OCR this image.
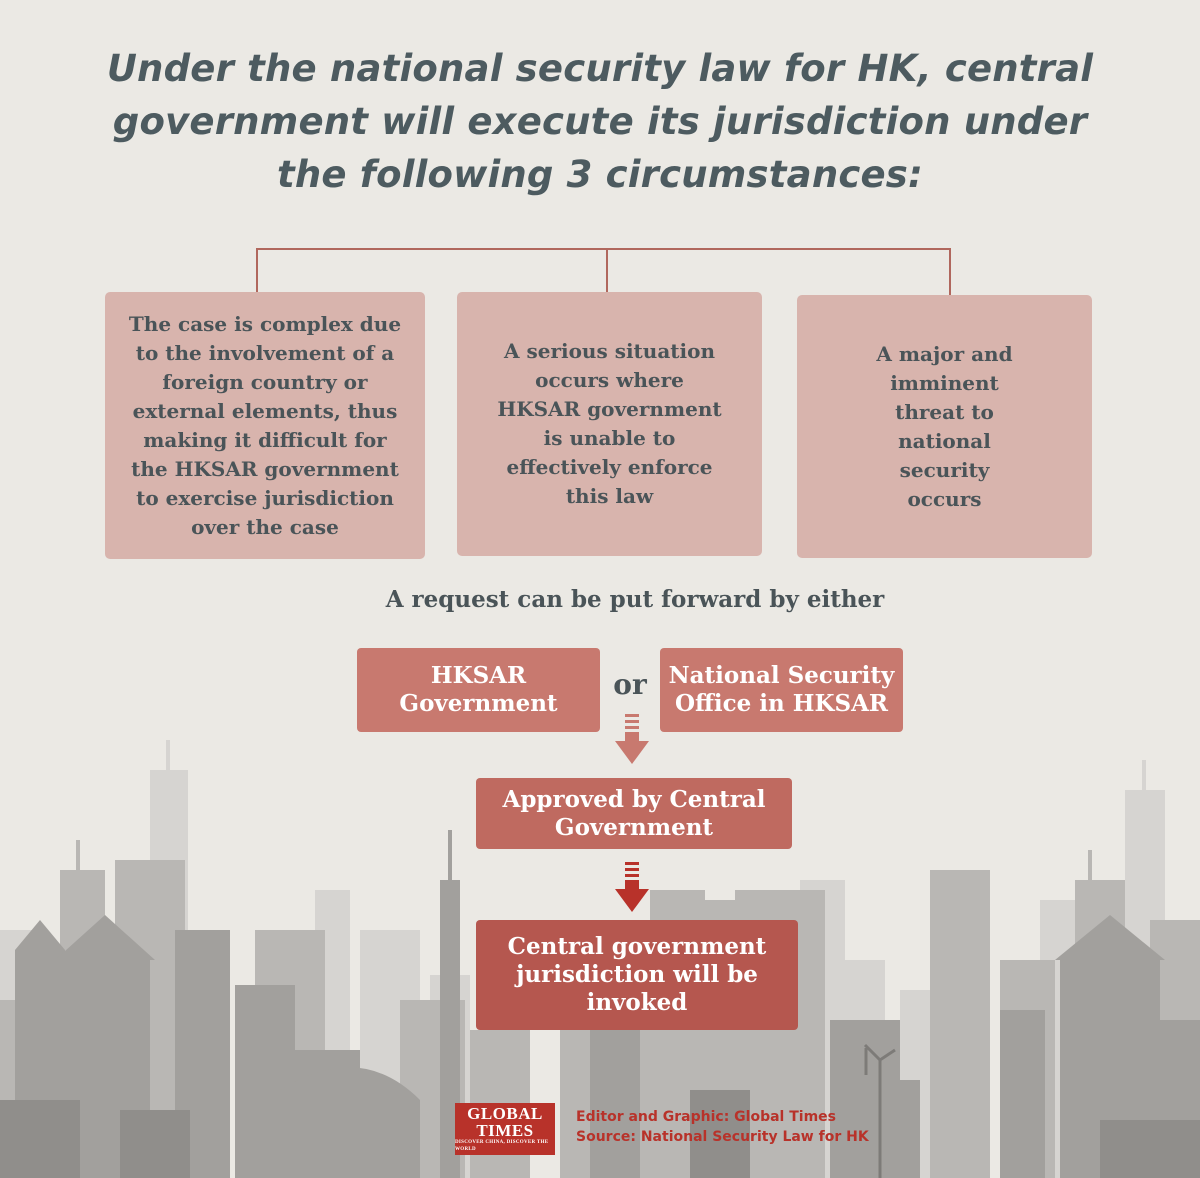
Under the national security law for HK, central
government will execute its jurisdiction under
the following 3 circumstances:
The case is complex due
to the involvement of a
foreign country or
external elements, thus
making it difficult for
the HKSAR government
to exercise jurisdiction
over the case
A serious situation
occurs where
HKSAR government
is unable to
effectively enforce
this law
A major and
imminent
threat to
national
security
occurs
A request can be put forward by either
HKSAR
Government
or National Security
Office in HKSAR
Approved by Central
Government
Central government
jurisdiction will be
invoked
GLOBAL
TIMES
DISCOVER CHINA, DISCOVER THE WORLD
Editor and Graphic: Global Times
Source: National Security Law for HK
